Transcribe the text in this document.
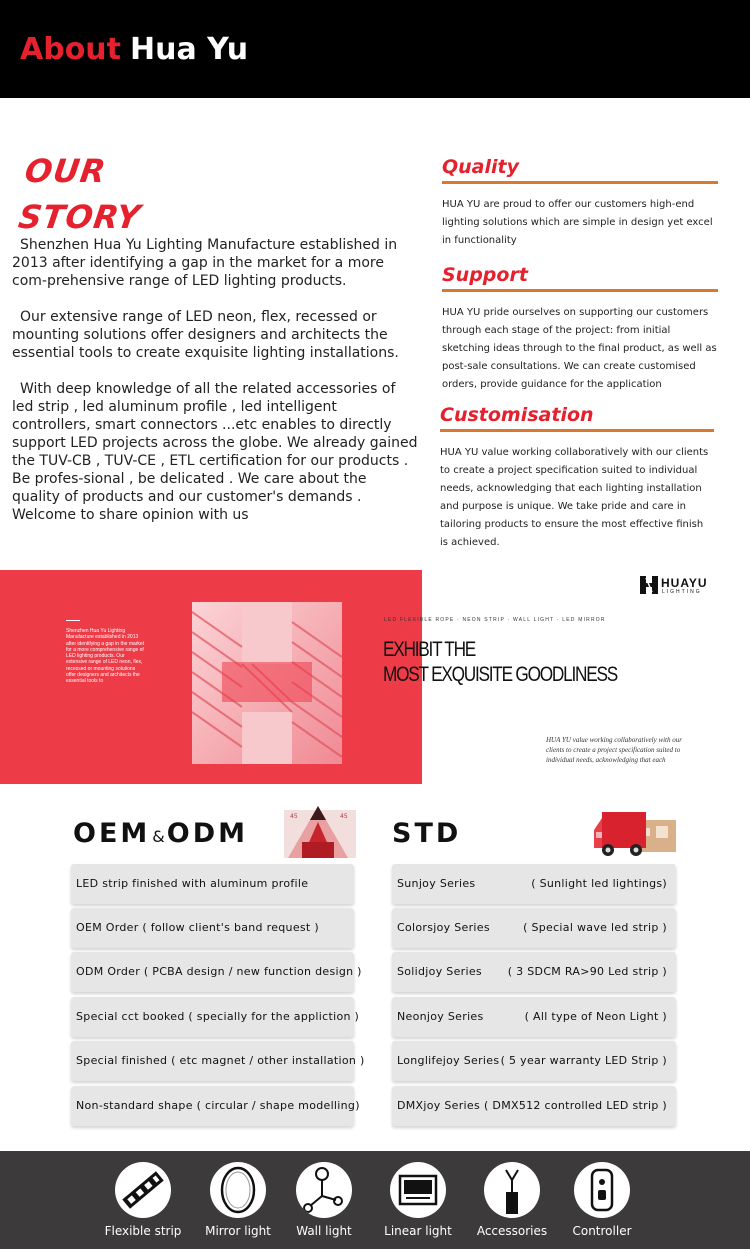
About Hua Yu
OUR
STORY

Shenzhen Hua Yu Lighting Manufacture established in 2013 after identifying a gap in the market for a more com-prehensive range of LED lighting products.

Our extensive range of LED neon, flex, recessed or mounting solutions offer designers and architects the essential tools to create exquisite lighting installations.

With deep knowledge of all the related accessories of led strip , led aluminum profile , led intelligent controllers, smart connectors ...etc enables to directly support LED projects across the globe. We already gained the TUV-CB , TUV-CE , ETL certification for our products . Be profes-sional , be delicated . We care about the quality of products and our customer's demands . Welcome to share opinion with us

Quality

HUA YU are proud to offer our customers high-end lighting solutions which are simple in design yet excel in functionality

Support

HUA YU pride ourselves on supporting our customers through each stage of the project: from initial sketching ideas through to the final product, as well as post-sale consultations. We can create customised orders, provide guidance for the application

Customisation

HUA YU value working collaboratively with our clients to create a project specification suited to individual needs, acknowledging that each lighting installation and purpose is unique. We take pride and care in tailoring products to ensure the most effective finish is achieved.

Shenzhen Hua Yu Lighting Manufacture established in 2013 after identifying a gap in the market for a more comprehensive range of LED lighting products. Our extensive range of LED neon, flex, recessed or mounting solutions offer designers and architects the essential tools to
HUAYU
LIGHTING
LED FLEXIBLE ROPE · NEON STRIP · WALL LIGHT · LED MIRROR
EXHIBIT THE
MOST EXQUISITE GOODLINESS
HUA YU value working collaboratively with our clients to create a project specification suited to individual needs, acknowledging that each
OEM &ODM
45	45
STD
LED strip finished with aluminum profile
OEM Order ( follow client's band request )
ODM Order ( PCBA design / new function design )
Special cct booked ( specially for the appliction )
Special finished ( etc magnet / other installation )
Non-standard shape ( circular / shape modelling)
Sunjoy Series	( Sunlight led lightings)
Colorsjoy Series	( Special wave led strip )
Solidjoy Series ( 3 SDCM RA>90 Led strip )
Neonjoy Series	( All type of Neon Light )
Longlifejoy Series ( 5 year warranty LED Strip )
DMXjoy Series ( DMX512 controlled LED strip )
Flexible strip	Mirror light	Wall light	Linear light	Accessories	Controller
